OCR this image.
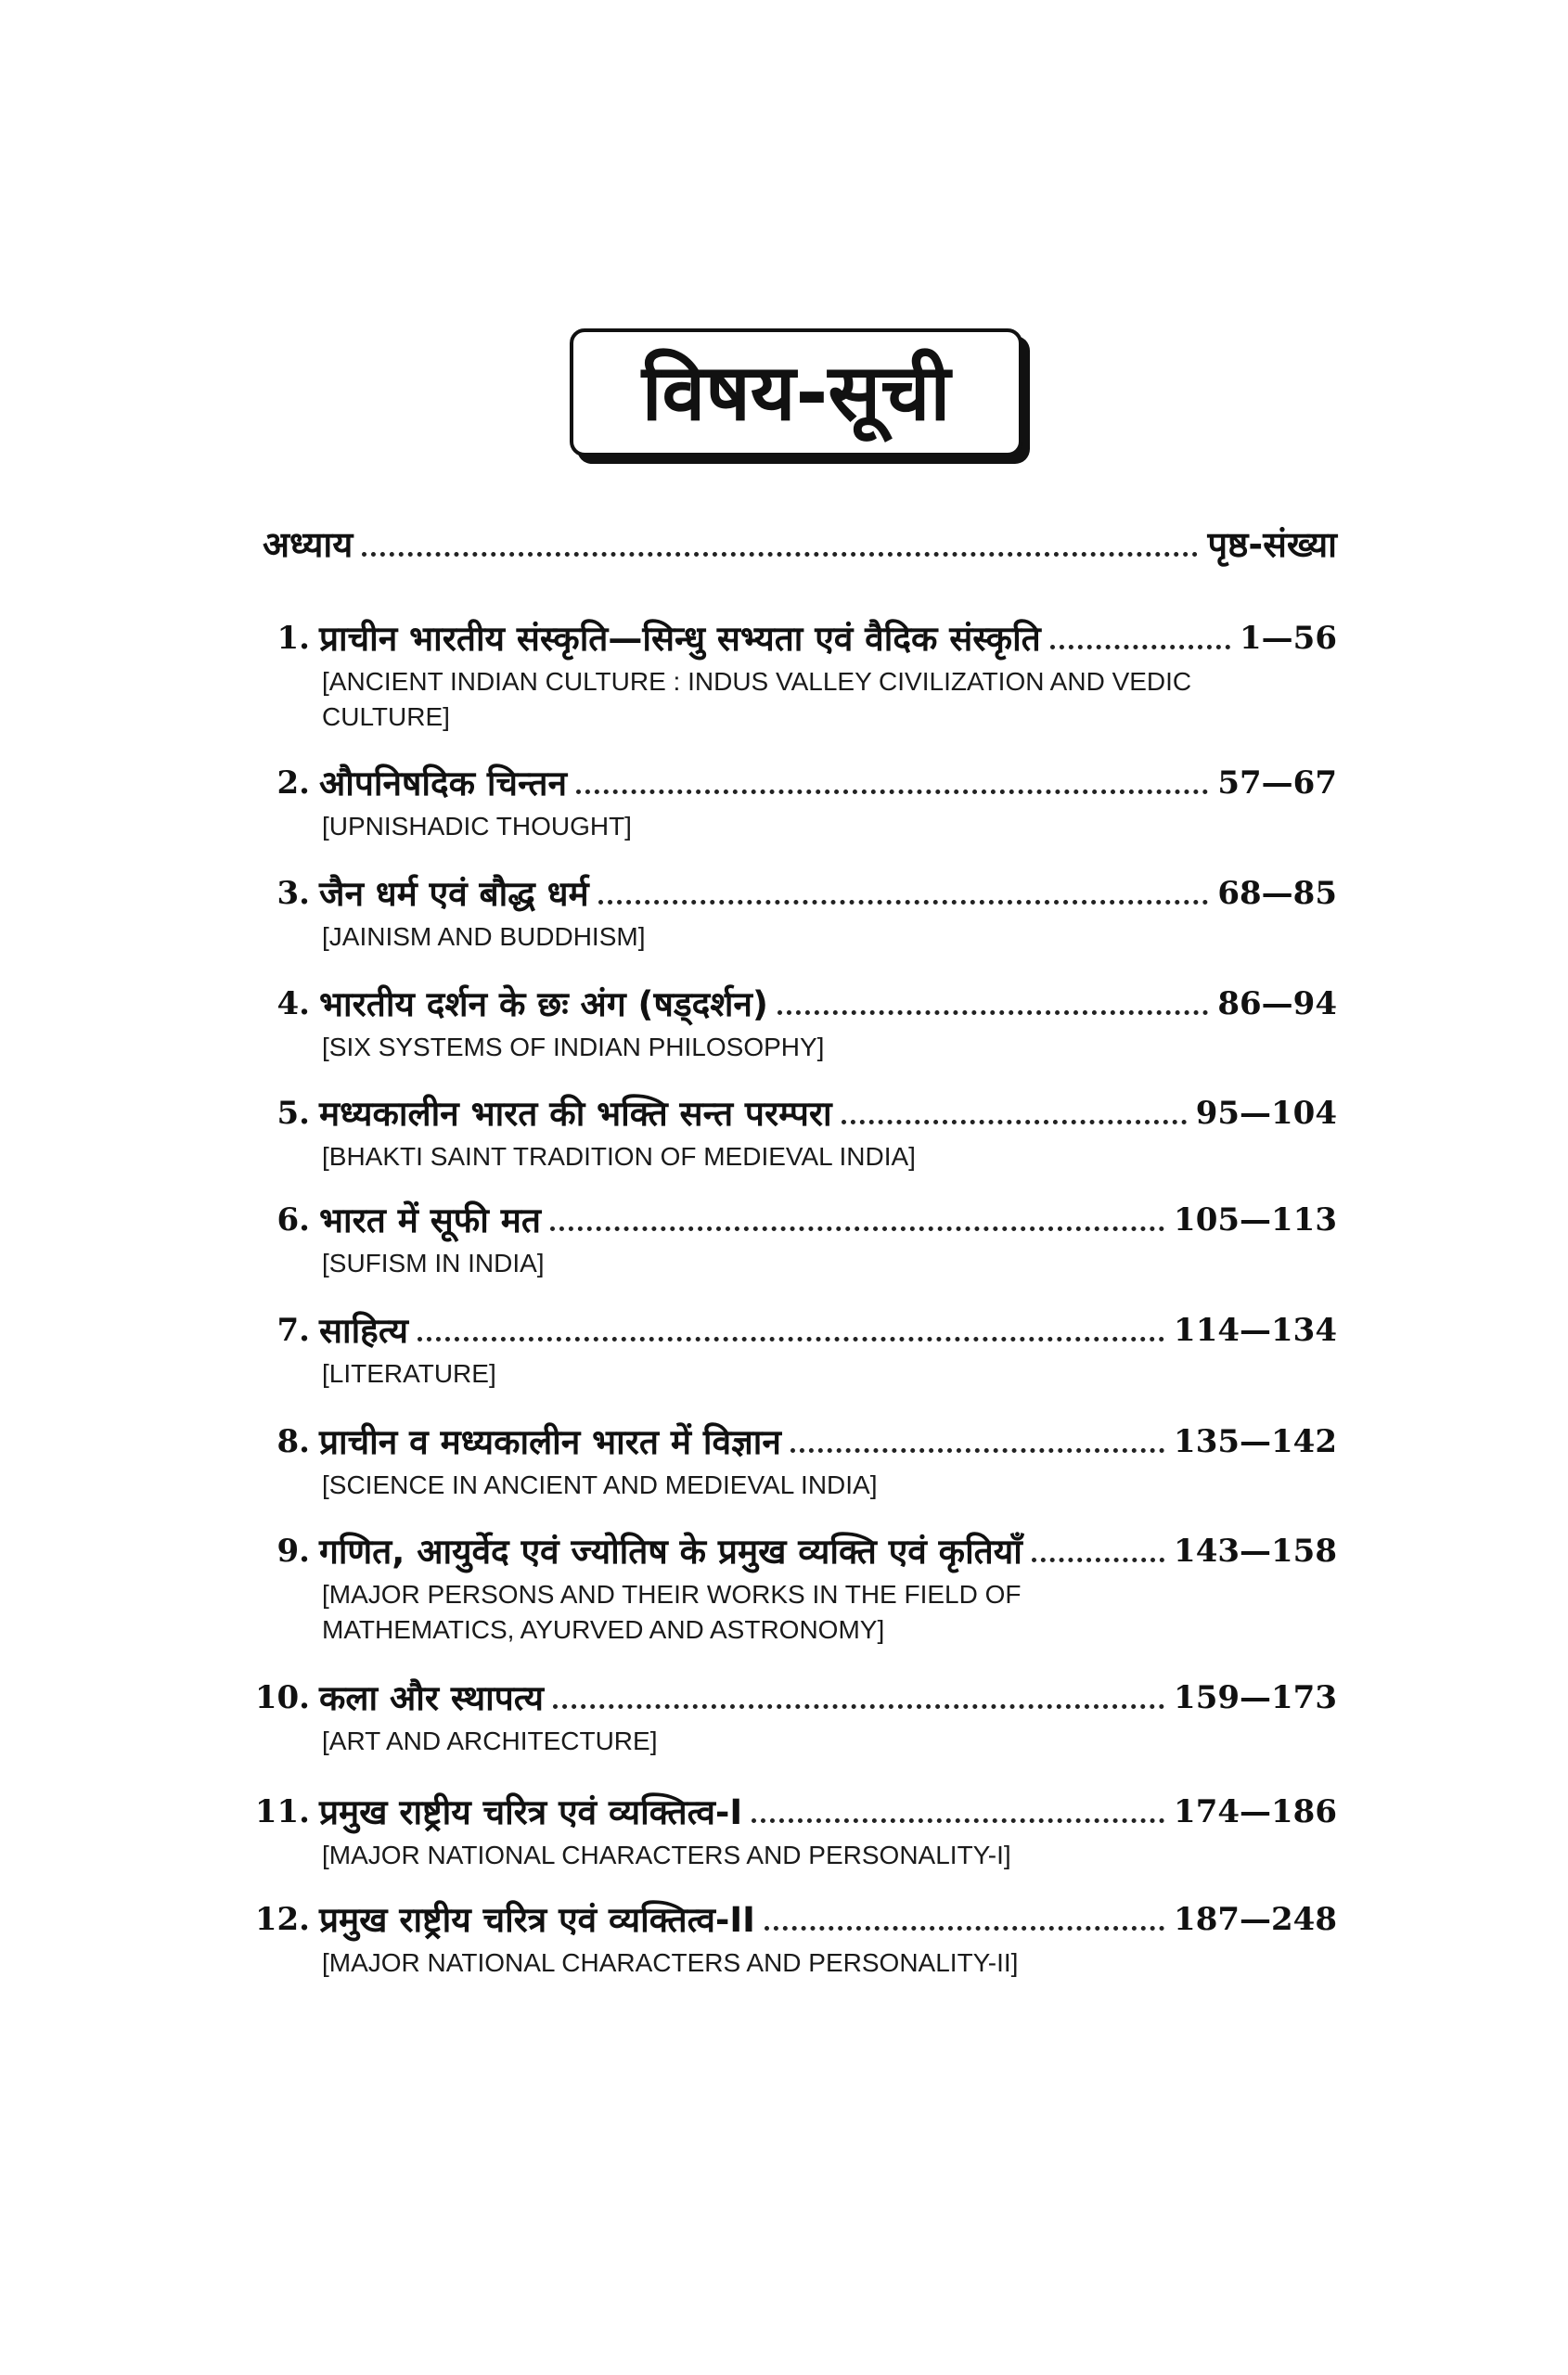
विषय-सूची
अध्याय	पृष्ठ-संख्या
1. प्राचीन भारतीय संस्कृति—सिन्धु सभ्यता एवं वैदिक संस्कृति	1—56
[ANCIENT INDIAN CULTURE : INDUS VALLEY CIVILIZATION AND VEDIC CULTURE]
2. औपनिषदिक चिन्तन	57—67
[UPNISHADIC THOUGHT]
3. जैन धर्म एवं बौद्ध धर्म	68—85
[JAINISM AND BUDDHISM]
4. भारतीय दर्शन के छः अंग (षड्दर्शन)	86—94
[SIX SYSTEMS OF INDIAN PHILOSOPHY]
5. मध्यकालीन भारत की भक्ति सन्त परम्परा	95—104
[BHAKTI SAINT TRADITION OF MEDIEVAL INDIA]
6. भारत में सूफी मत	105—113
[SUFISM IN INDIA]
7. साहित्य	114—134
[LITERATURE]
8. प्राचीन व मध्यकालीन भारत में विज्ञान	135—142
[SCIENCE IN ANCIENT AND MEDIEVAL INDIA]
9. गणित, आयुर्वेद एवं ज्योतिष के प्रमुख व्यक्ति एवं कृतियाँ	143—158
[MAJOR PERSONS AND THEIR WORKS IN THE FIELD OF MATHEMATICS, AYURVED AND ASTRONOMY]
10. कला और स्थापत्य	159—173
[ART AND ARCHITECTURE]
11. प्रमुख राष्ट्रीय चरित्र एवं व्यक्तित्व-I	174—186
[MAJOR NATIONAL CHARACTERS AND PERSONALITY-I]
12. प्रमुख राष्ट्रीय चरित्र एवं व्यक्तित्व-II	187—248
[MAJOR NATIONAL CHARACTERS AND PERSONALITY-II]
